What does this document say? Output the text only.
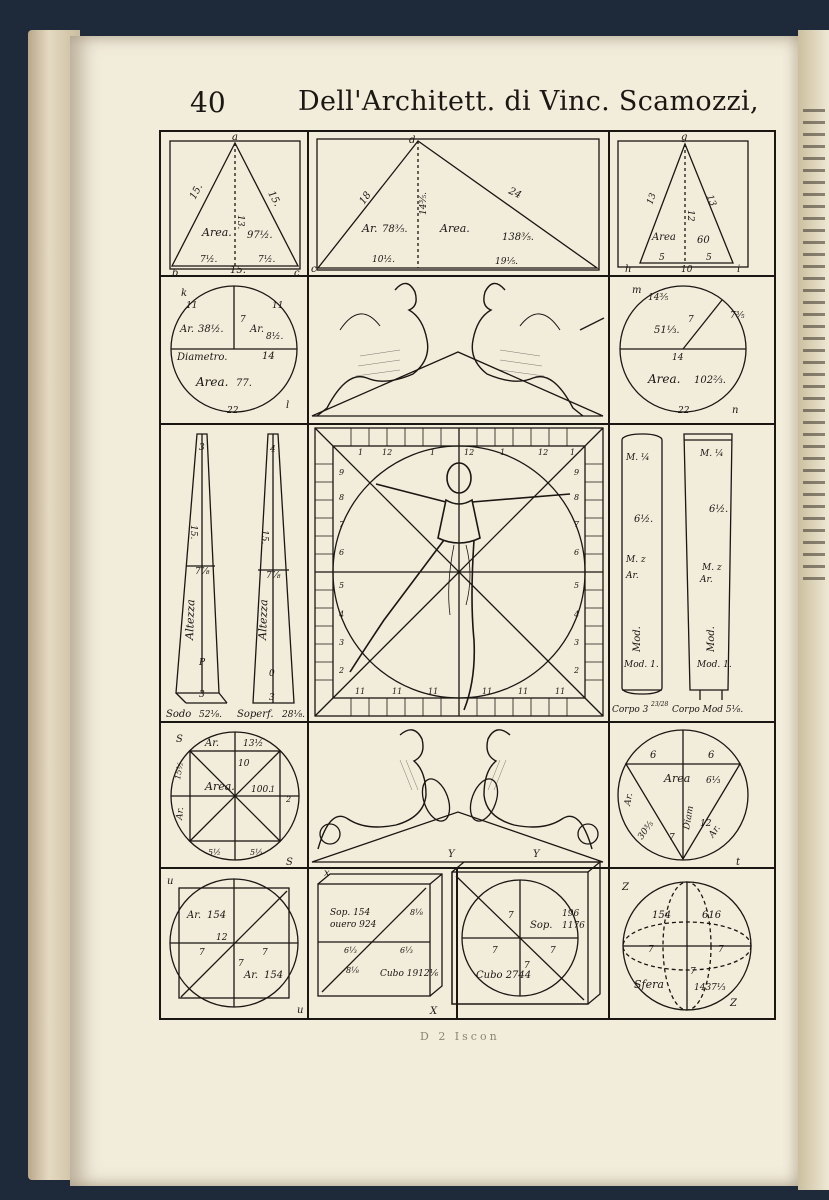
40	Dell'Architett. di Vinc. Scamozzi,
a
b	c
15.	15.
15.
13.
Area. 97½.
7½.	7½.
d
c
18	24
10½.
14⅗.
Ar. 78⅗.	Area.
138⅗.
19⅕.
g
h	i
13	13
12
Area 60
5
10
5
k
l
11	11
7
14
22
Ar. 38½.	Ar.
8½.
Diametro.
Area. 77.
m
n
14⅗
7⅗
7
14
22
51⅓.
Area. 102⅔.
3	4
15.	15.
7⅞	7⅞
Altezza	Altezza
P
3
0
3
Sodo 52⅛. Soperf. 28⅛.
1 12	1	12	1	12	1
11	11	11	11	11	11
9
8
7
6
5
4
3
2
9
8
7
6
5
4
3
2
M. ¼	M. ¼
6½.
6½.
M. z
M. z
Ar.	Ar.
Mod.	Mod.
Mod. 1.	Mod. 1.
Corpo 3
23/28
Corpo Mod 5⅛.
S
S
Ar.	13½
10
15½
1
2
5½	5½
Area. 100.
Ar.
t
6	6
12
7
Area 6⅓
30⅗
Ar.
Ar.
Diam
u
u
Ar. 154
Ar. 154
12
7	7
7
x
X
Sop. 154
ouero 924
8⅛
6⅓	6⅓
8⅛ Cubo 1912⅙
Y	Y
7	7
7
7
Sop.
196
1176
Cubo 2744
Z
Z
154	616
7	7
7
Sfera	1437⅓
D 2 Iscon
